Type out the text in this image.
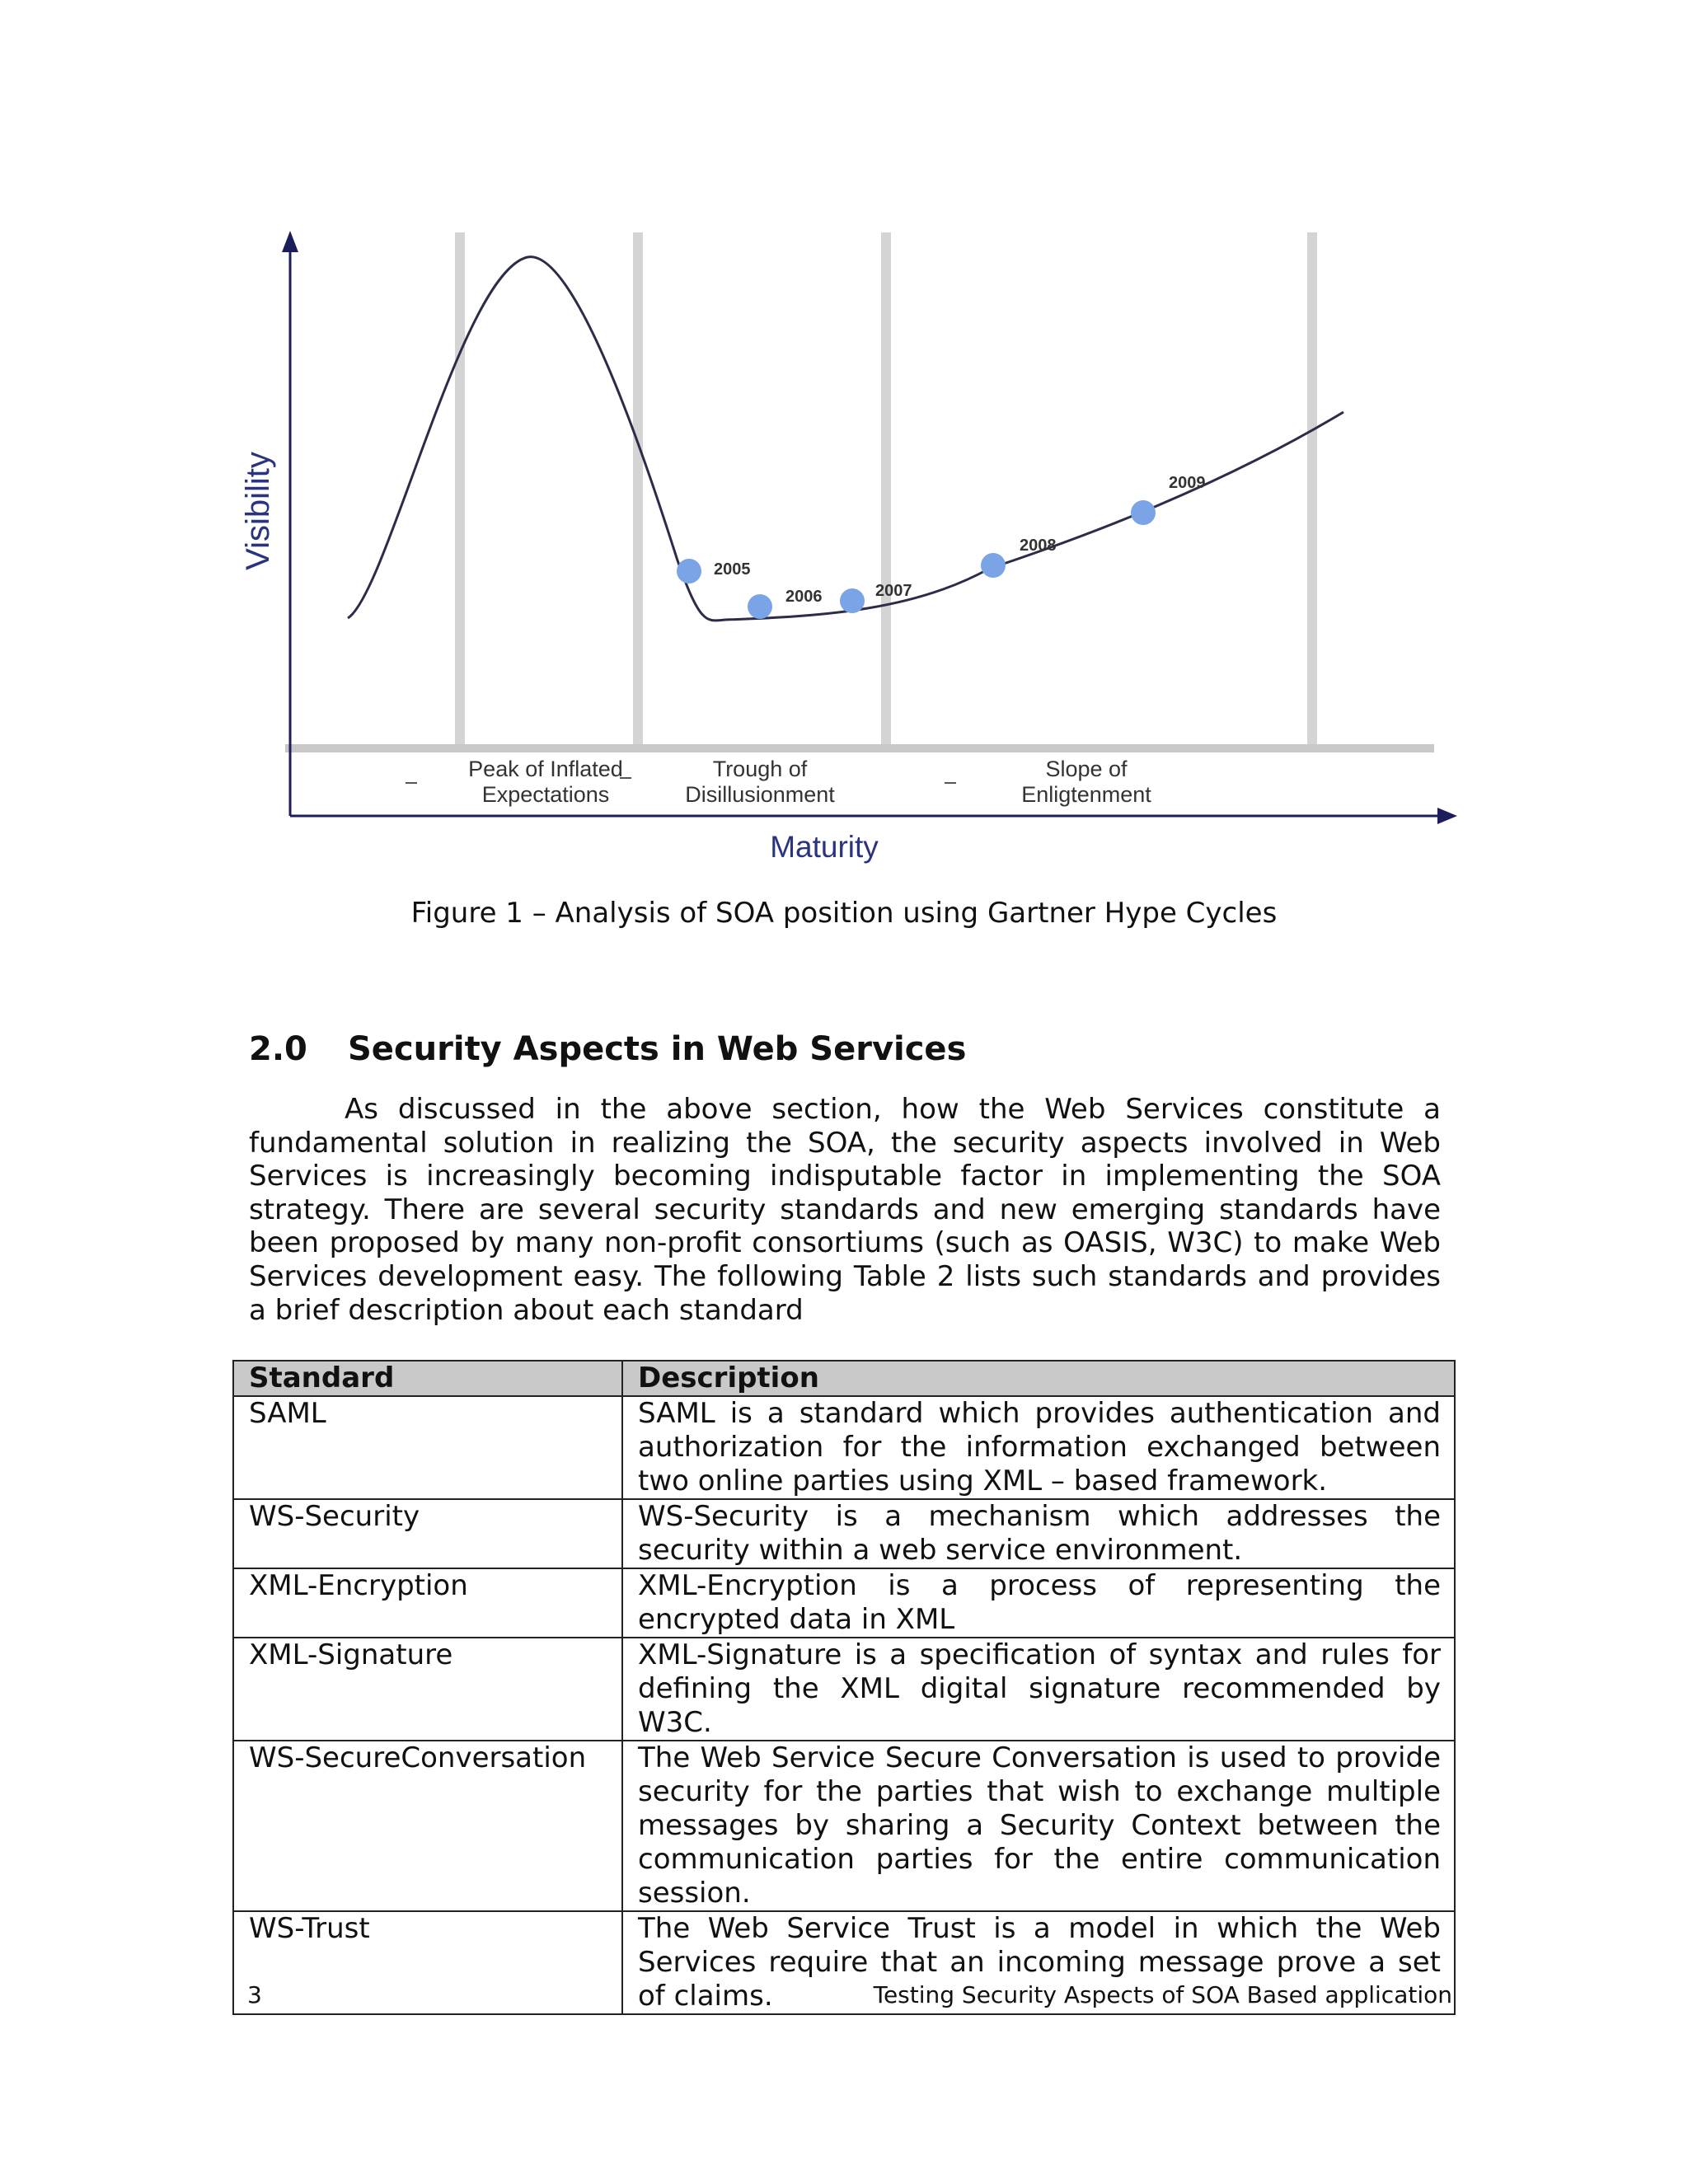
2005
2006	2007
2008
2009
Peak of Inflated
Expectations
Trough of
Disillusionment
Slope of
Enligtenment
Visibility
Maturity
Figure 1 – Analysis of SOA position using Gartner Hype Cycles
2.0 Security Aspects in Web Services

As discussed in the above section, how the Web Services constitute a fundamental solution in realizing the SOA, the security aspects involved in Web Services is increasingly becoming indisputable factor in implementing the SOA strategy. There are several security standards and new emerging standards have been proposed by many non-profit consortiums (such as OASIS, W3C) to make Web Services development easy. The following Table 2 lists such standards and provides a brief description about each standard

Standard	Description
SAML	SAML is a standard which provides authentication and authorization for the information exchanged between two online parties using XML – based framework.
WS-Security	WS-Security is a mechanism which addresses the security within a web service environment.
XML-Encryption	XML-Encryption is a process of representing the encrypted data in XML
XML-Signature	XML-Signature is a specification of syntax and rules for defining the XML digital signature recommended by W3C.
WS-SecureConversation	The Web Service Secure Conversation is used to provide security for the parties that wish to exchange multiple messages by sharing a Security Context between the communication parties for the entire communication session.
WS-Trust	The Web Service Trust is a model in which the Web Services require that an incoming message prove a set of claims.
3	Testing Security Aspects of SOA Based application
